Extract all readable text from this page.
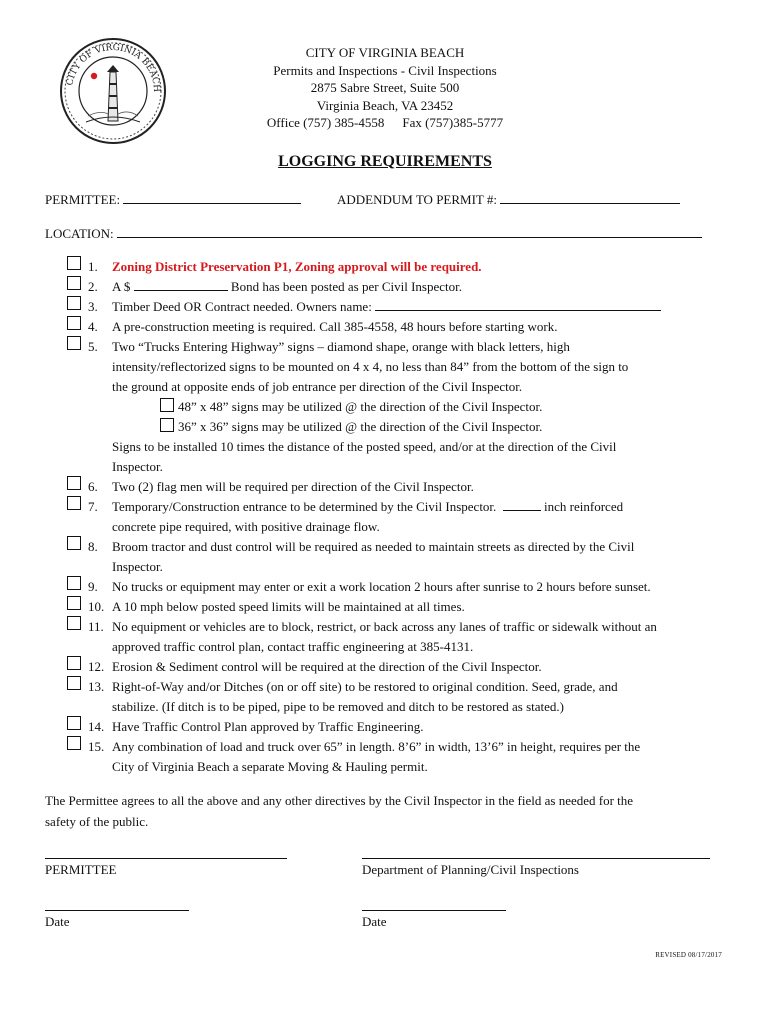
CITY OF VIRGINIA BEACH
CITY OF VIRGINIA BEACH
Permits and Inspections - Civil Inspections
2875 Sabre Street, Suite 500
Virginia Beach, VA 23452
Office (757) 385-4558 Fax (757)385-5777
LOGGING REQUIREMENTS
PERMITTEE:	ADDENDUM TO PERMIT #:
LOCATION:
1.	Zoning District Preservation P1, Zoning approval will be required.
2.	A $	Bond has been posted as per Civil Inspector.
3.	Timber Deed OR Contract needed. Owners name:
4.	A pre-construction meeting is required. Call 385-4558, 48 hours before starting work.
5.	Two “Trucks Entering Highway” signs – diamond shape, orange with black letters, high
intensity/reflectorized signs to be mounted on 4 x 4, no less than 84” from the bottom of the sign to
the ground at opposite ends of job entrance per direction of the Civil Inspector.
48” x 48” signs may be utilized @ the direction of the Civil Inspector.
36” x 36” signs may be utilized @ the direction of the Civil Inspector.
Signs to be installed 10 times the distance of the posted speed, and/or at the direction of the Civil
Inspector.
6.	Two (2) flag men will be required per direction of the Civil Inspector.
7.	Temporary/Construction entrance to be determined by the Civil Inspector.	inch reinforced
concrete pipe required, with positive drainage flow.
8.	Broom tractor and dust control will be required as needed to maintain streets as directed by the Civil
Inspector.
9.	No trucks or equipment may enter or exit a work location 2 hours after sunrise to 2 hours before sunset.
10. A 10 mph below posted speed limits will be maintained at all times.
11. No equipment or vehicles are to block, restrict, or back across any lanes of traffic or sidewalk without an
approved traffic control plan, contact traffic engineering at 385-4131.
12. Erosion & Sediment control will be required at the direction of the Civil Inspector.
13. Right-of-Way and/or Ditches (on or off site) to be restored to original condition. Seed, grade, and
stabilize. (If ditch is to be piped, pipe to be removed and ditch to be restored as stated.)
14. Have Traffic Control Plan approved by Traffic Engineering.
15. Any combination of load and truck over 65” in length. 8’6” in width, 13’6” in height, requires per the
City of Virginia Beach a separate Moving & Hauling permit.
The Permittee agrees to all the above and any other directives by the Civil Inspector in the field as needed for the
safety of the public.
PERMITTEE	Department of Planning/Civil Inspections
Date	Date
REVISED 08/17/2017
